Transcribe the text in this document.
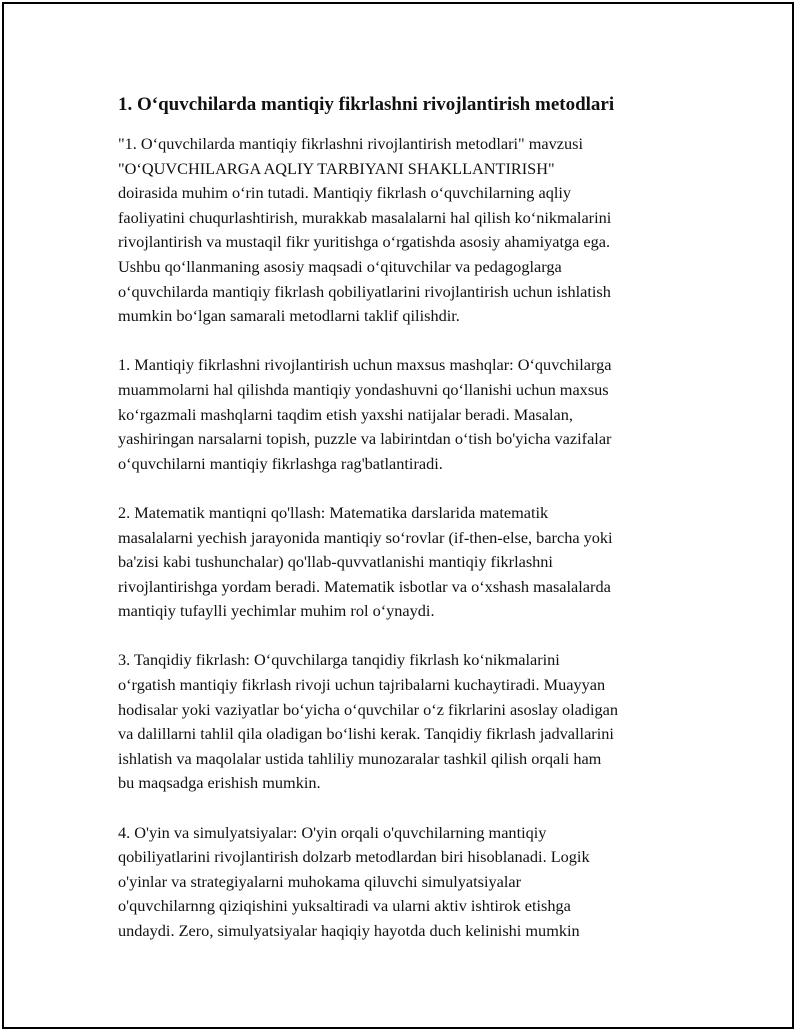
1. O‘quvchilarda mantiqiy fikrlashni rivojlantirish metodlari
"1. O‘quvchilarda mantiqiy fikrlashni rivojlantirish metodlari" mavzusi
"O‘QUVCHILARGA AQLIY TARBIYANI SHAKLLANTIRISH"
doirasida muhim o‘rin tutadi. Mantiqiy fikrlash o‘quvchilarning aqliy
faoliyatini chuqurlashtirish, murakkab masalalarni hal qilish ko‘nikmalarini
rivojlantirish va mustaqil fikr yuritishga o‘rgatishda asosiy ahamiyatga ega.
Ushbu qo‘llanmaning asosiy maqsadi o‘qituvchilar va pedagoglarga
o‘quvchilarda mantiqiy fikrlash qobiliyatlarini rivojlantirish uchun ishlatish
mumkin bo‘lgan samarali metodlarni taklif qilishdir.
1. Mantiqiy fikrlashni rivojlantirish uchun maxsus mashqlar: O‘quvchilarga
muammolarni hal qilishda mantiqiy yondashuvni qo‘llanishi uchun maxsus
ko‘rgazmali mashqlarni taqdim etish yaxshi natijalar beradi. Masalan,
yashiringan narsalarni topish, puzzle va labirintdan o‘tish bo'yicha vazifalar
o‘quvchilarni mantiqiy fikrlashga rag'batlantiradi.
2. Matematik mantiqni qo'llash: Matematika darslarida matematik
masalalarni yechish jarayonida mantiqiy so‘rovlar (if-then-else, barcha yoki
ba'zisi kabi tushunchalar) qo'llab-quvvatlanishi mantiqiy fikrlashni
rivojlantirishga yordam beradi. Matematik isbotlar va o‘xshash masalalarda
mantiqiy tufaylli yechimlar muhim rol o‘ynaydi.
3. Tanqidiy fikrlash: O‘quvchilarga tanqidiy fikrlash ko‘nikmalarini
o‘rgatish mantiqiy fikrlash rivoji uchun tajribalarni kuchaytiradi. Muayyan
hodisalar yoki vaziyatlar bo‘yicha o‘quvchilar o‘z fikrlarini asoslay oladigan
va dalillarni tahlil qila oladigan bo‘lishi kerak. Tanqidiy fikrlash jadvallarini
ishlatish va maqolalar ustida tahliliy munozaralar tashkil qilish orqali ham
bu maqsadga erishish mumkin.
4. O'yin va simulyatsiyalar: O'yin orqali o'quvchilarning mantiqiy
qobiliyatlarini rivojlantirish dolzarb metodlardan biri hisoblanadi. Logik
o'yinlar va strategiyalarni muhokama qiluvchi simulyatsiyalar
o'quvchilarnng qiziqishini yuksaltiradi va ularni aktiv ishtirok etishga
undaydi. Zero, simulyatsiyalar haqiqiy hayotda duch kelinishi mumkin
